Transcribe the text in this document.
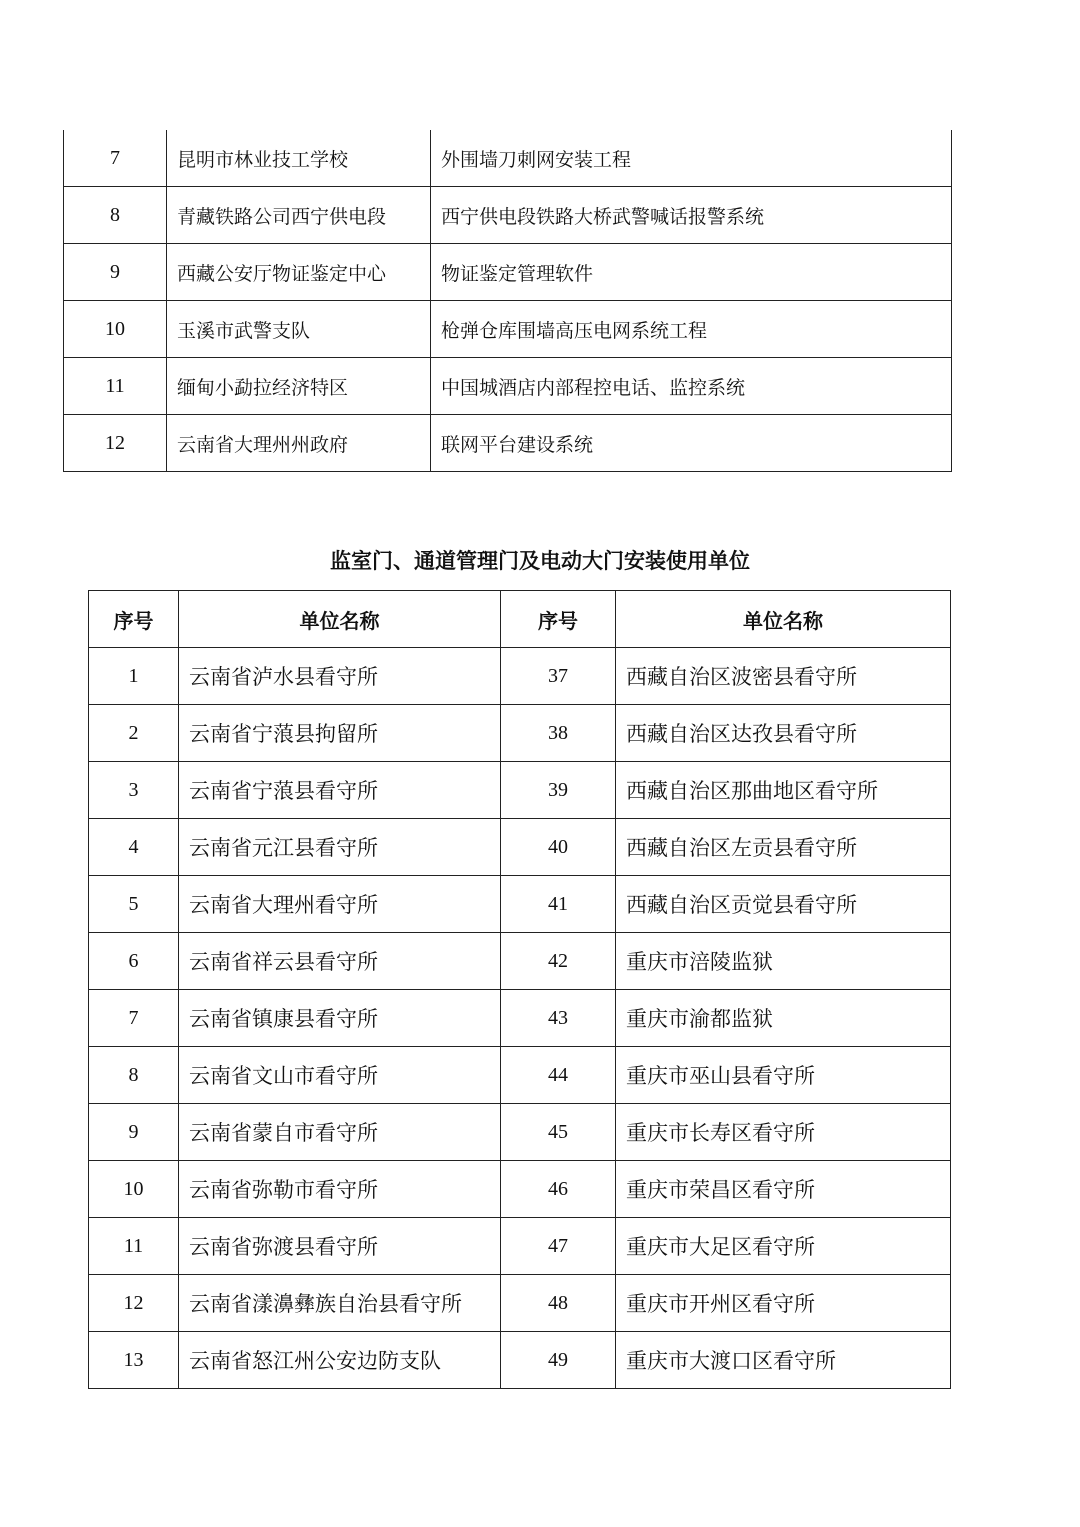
7	昆明市林业技工学校	外围墙刀刺网安装工程
8	青藏铁路公司西宁供电段	西宁供电段铁路大桥武警喊话报警系统
9	西藏公安厅物证鉴定中心	物证鉴定管理软件
10	玉溪市武警支队	枪弹仓库围墙高压电网系统工程
11	缅甸小勐拉经济特区	中国城酒店内部程控电话、监控系统
12	云南省大理州州政府	联网平台建设系统
监室门、通道管理门及电动大门安装使用单位
序号	单位名称	序号	单位名称
1	云南省泸水县看守所	37	西藏自治区波密县看守所
2	云南省宁蒗县拘留所	38	西藏自治区达孜县看守所
3	云南省宁蒗县看守所	39	西藏自治区那曲地区看守所
4	云南省元江县看守所	40	西藏自治区左贡县看守所
5	云南省大理州看守所	41	西藏自治区贡觉县看守所
6	云南省祥云县看守所	42	重庆市涪陵监狱
7	云南省镇康县看守所	43	重庆市渝都监狱
8	云南省文山市看守所	44	重庆市巫山县看守所
9	云南省蒙自市看守所	45	重庆市长寿区看守所
10	云南省弥勒市看守所	46	重庆市荣昌区看守所
11	云南省弥渡县看守所	47	重庆市大足区看守所
12	云南省漾濞彝族自治县看守所	48	重庆市开州区看守所
13	云南省怒江州公安边防支队	49	重庆市大渡口区看守所
